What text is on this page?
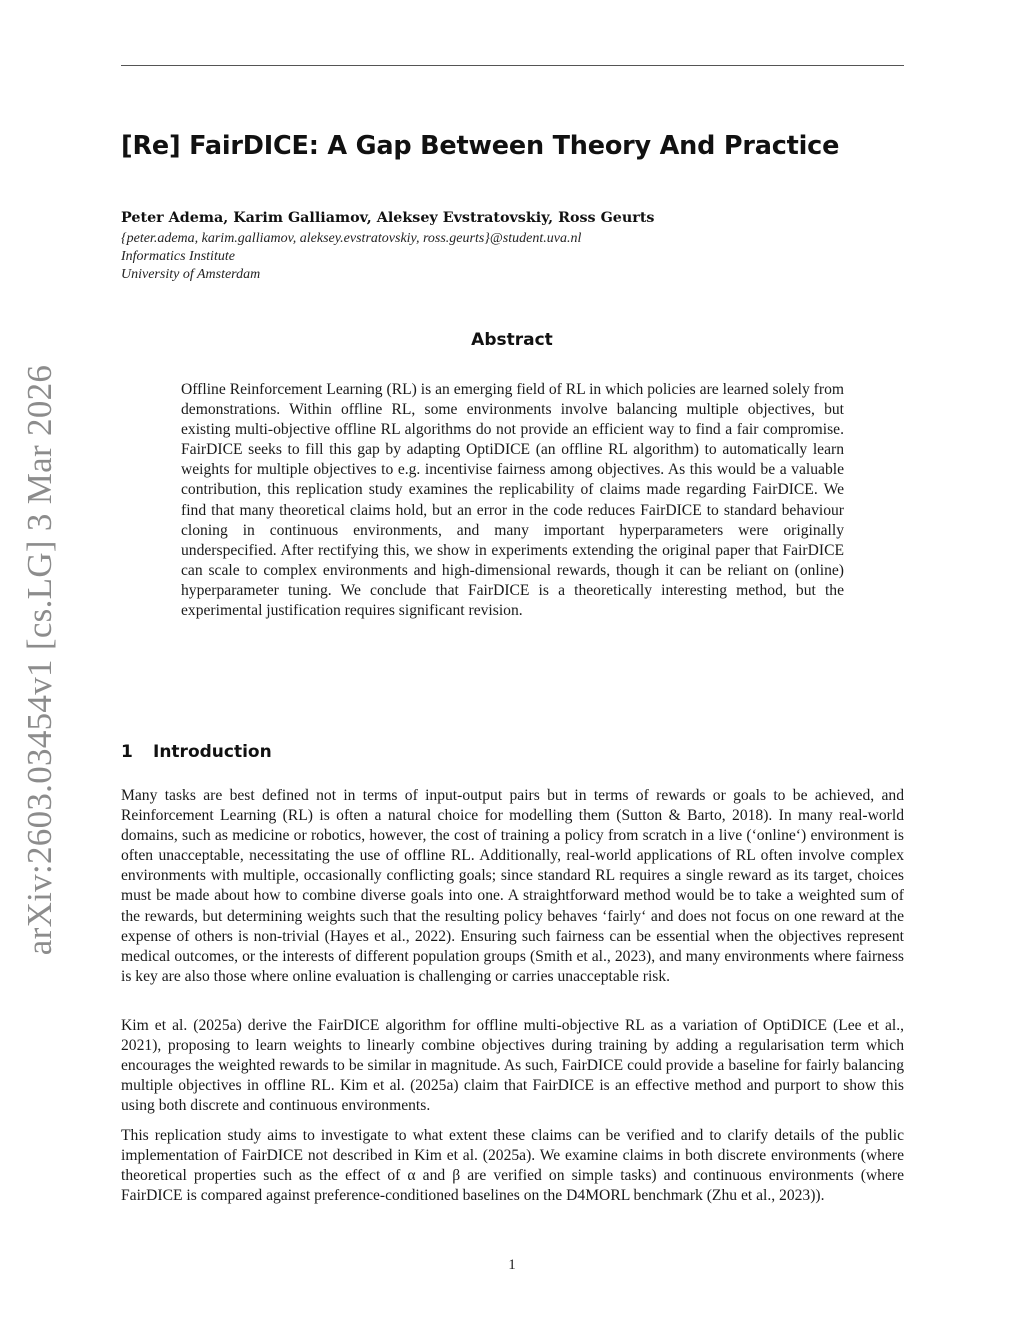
arXiv:2603.03454v1 [cs.LG] 3 Mar 2026
[Re] FairDICE: A Gap Between Theory And Practice
Peter Adema, Karim Galliamov, Aleksey Evstratovskiy, Ross Geurts
{peter.adema, karim.galliamov, aleksey.evstratovskiy, ross.geurts}@student.uva.nl
Informatics Institute
University of Amsterdam
Abstract

Offline Reinforcement Learning (RL) is an emerging field of RL in which policies are learned solely from demonstrations. Within offline RL, some environments involve balancing multiple objectives, but existing multi-objective offline RL algorithms do not provide an efficient way to find a fair compromise. FairDICE seeks to fill this gap by adapting OptiDICE (an offline RL algorithm) to automatically learn weights for multiple objectives to e.g. incentivise fairness among objectives. As this would be a valuable contribution, this replication study examines the replicability of claims made regarding FairDICE. We find that many theoretical claims hold, but an error in the code reduces FairDICE to standard behaviour cloning in continuous environments, and many important hyperparameters were originally underspecified. After rectifying this, we show in experiments extending the original paper that FairDICE can scale to complex environments and high-dimensional rewards, though it can be reliant on (online) hyperparameter tuning. We conclude that FairDICE is a theoretically interesting method, but the experimental justification requires significant revision.

1 Introduction

Many tasks are best defined not in terms of input-output pairs but in terms of rewards or goals to be achieved, and Reinforcement Learning (RL) is often a natural choice for modelling them (Sutton & Barto, 2018). In many real-world domains, such as medicine or robotics, however, the cost of training a policy from scratch in a live (‘online‘) environment is often unacceptable, necessitating the use of offline RL. Additionally, real-world applications of RL often involve complex environments with multiple, occasionally conflicting goals; since standard RL requires a single reward as its target, choices must be made about how to combine diverse goals into one. A straightforward method would be to take a weighted sum of the rewards, but determining weights such that the resulting policy behaves ‘fairly‘ and does not focus on one reward at the expense of others is non-trivial (Hayes et al., 2022). Ensuring such fairness can be essential when the objectives represent medical outcomes, or the interests of different population groups (Smith et al., 2023), and many environments where fairness is key are also those where online evaluation is challenging or carries unacceptable risk.

Kim et al. (2025a) derive the FairDICE algorithm for offline multi-objective RL as a variation of OptiDICE (Lee et al., 2021), proposing to learn weights to linearly combine objectives during training by adding a regularisation term which encourages the weighted rewards to be similar in magnitude. As such, FairDICE could provide a baseline for fairly balancing multiple objectives in offline RL. Kim et al. (2025a) claim that FairDICE is an effective method and purport to show this using both discrete and continuous environments.

This replication study aims to investigate to what extent these claims can be verified and to clarify details of the public implementation of FairDICE not described in Kim et al. (2025a). We examine claims in both discrete environments (where theoretical properties such as the effect of α and β are verified on simple tasks) and continuous environments (where FairDICE is compared against preference-conditioned baselines on the D4MORL benchmark (Zhu et al., 2023)).

1
